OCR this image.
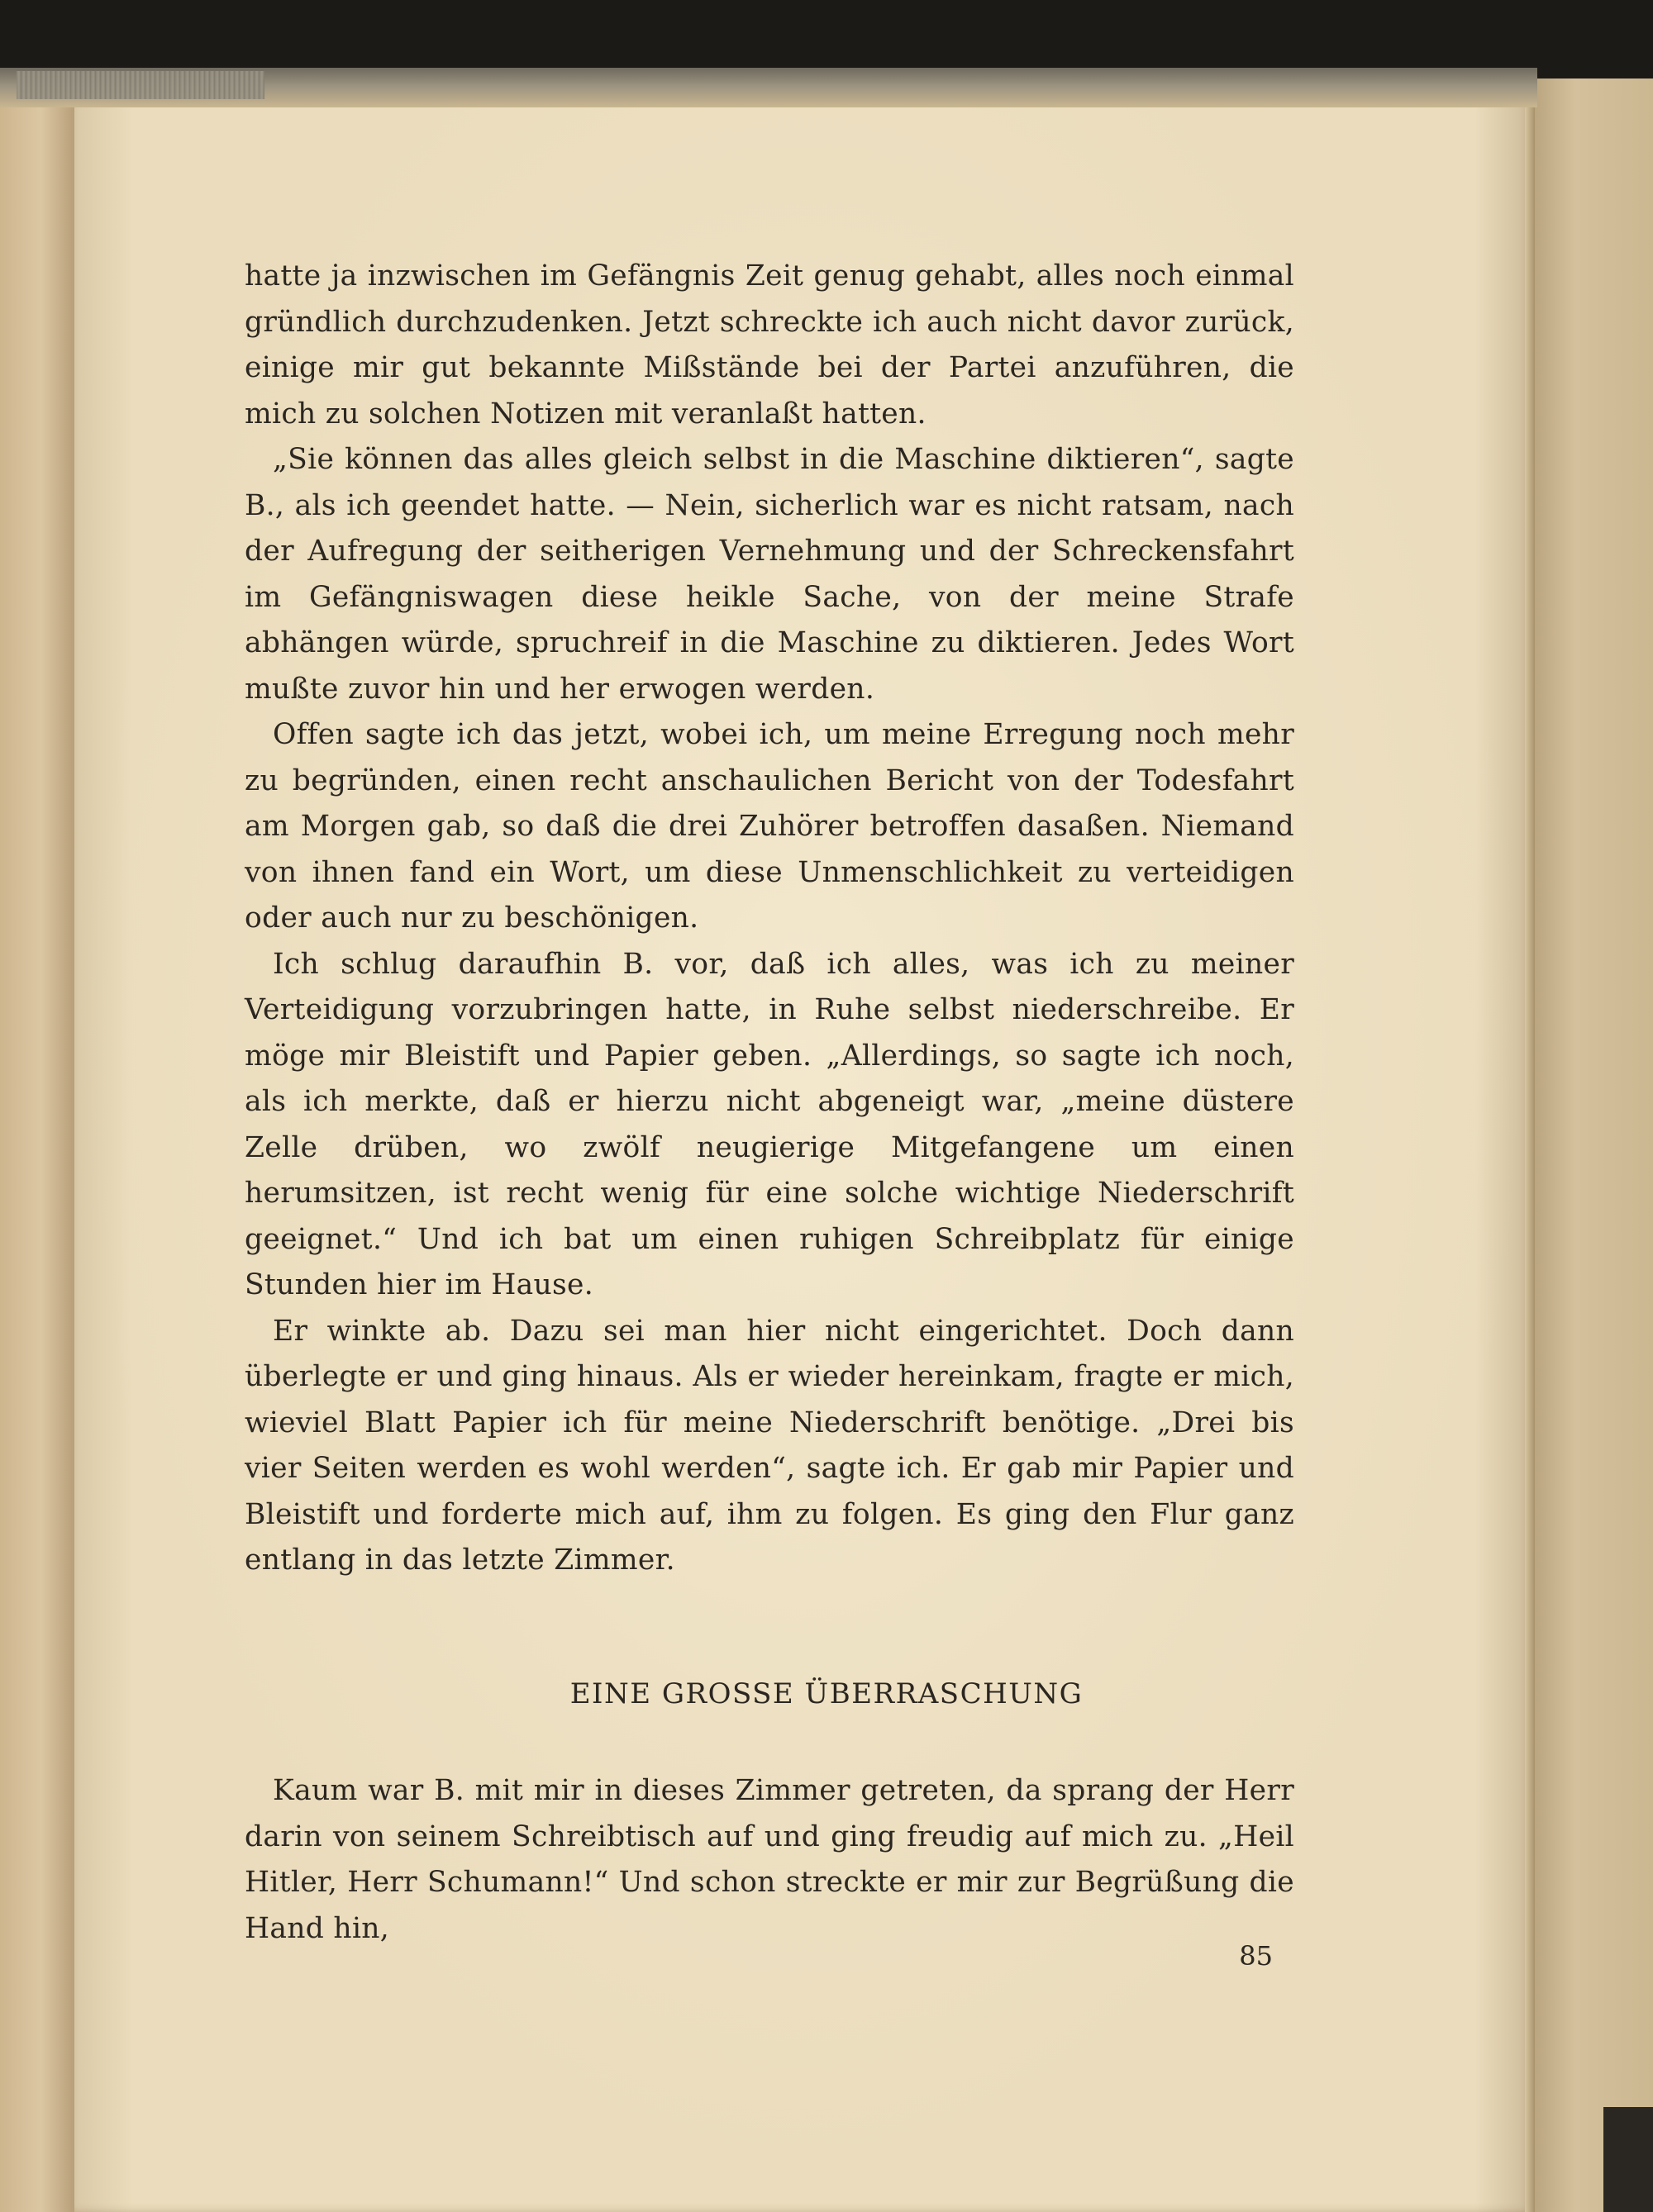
hatte ja inzwischen im Gefängnis Zeit genug gehabt, alles noch einmal gründlich durchzudenken. Jetzt schreckte ich auch nicht davor zurück, einige mir gut bekannte Mißstände bei der Partei anzuführen, die mich zu solchen Notizen mit veranlaßt hatten.

„Sie können das alles gleich selbst in die Maschine diktieren“, sagte B., als ich geendet hatte. — Nein, sicherlich war es nicht ratsam, nach der Aufregung der seitherigen Vernehmung und der Schreckensfahrt im Gefängniswagen diese heikle Sache, von der meine Strafe abhängen würde, spruchreif in die Maschine zu diktieren. Jedes Wort mußte zuvor hin und her erwogen werden.

Offen sagte ich das jetzt, wobei ich, um meine Erregung noch mehr zu begründen, einen recht anschaulichen Bericht von der Todesfahrt am Morgen gab, so daß die drei Zuhörer betroffen dasaßen. Niemand von ihnen fand ein Wort, um diese Unmenschlichkeit zu verteidigen oder auch nur zu beschönigen.

Ich schlug daraufhin B. vor, daß ich alles, was ich zu meiner Verteidigung vorzubringen hatte, in Ruhe selbst niederschreibe. Er möge mir Bleistift und Papier geben. „Allerdings, so sagte ich noch, als ich merkte, daß er hierzu nicht abgeneigt war, „meine düstere Zelle drüben, wo zwölf neugierige Mitgefangene um einen herumsitzen, ist recht wenig für eine solche wichtige Niederschrift geeignet.“ Und ich bat um einen ruhigen Schreibplatz für einige Stunden hier im Hause.

Er winkte ab. Dazu sei man hier nicht eingerichtet. Doch dann überlegte er und ging hinaus. Als er wieder hereinkam, fragte er mich, wieviel Blatt Papier ich für meine Niederschrift benötige. „Drei bis vier Seiten werden es wohl werden“, sagte ich. Er gab mir Papier und Bleistift und forderte mich auf, ihm zu folgen. Es ging den Flur ganz entlang in das letzte Zimmer.

EINE GROSSE ÜBERRASCHUNG

Kaum war B. mit mir in dieses Zimmer getreten, da sprang der Herr darin von seinem Schreibtisch auf und ging freudig auf mich zu. „Heil Hitler, Herr Schumann!“ Und schon streckte er mir zur Begrüßung die Hand hin,

85
